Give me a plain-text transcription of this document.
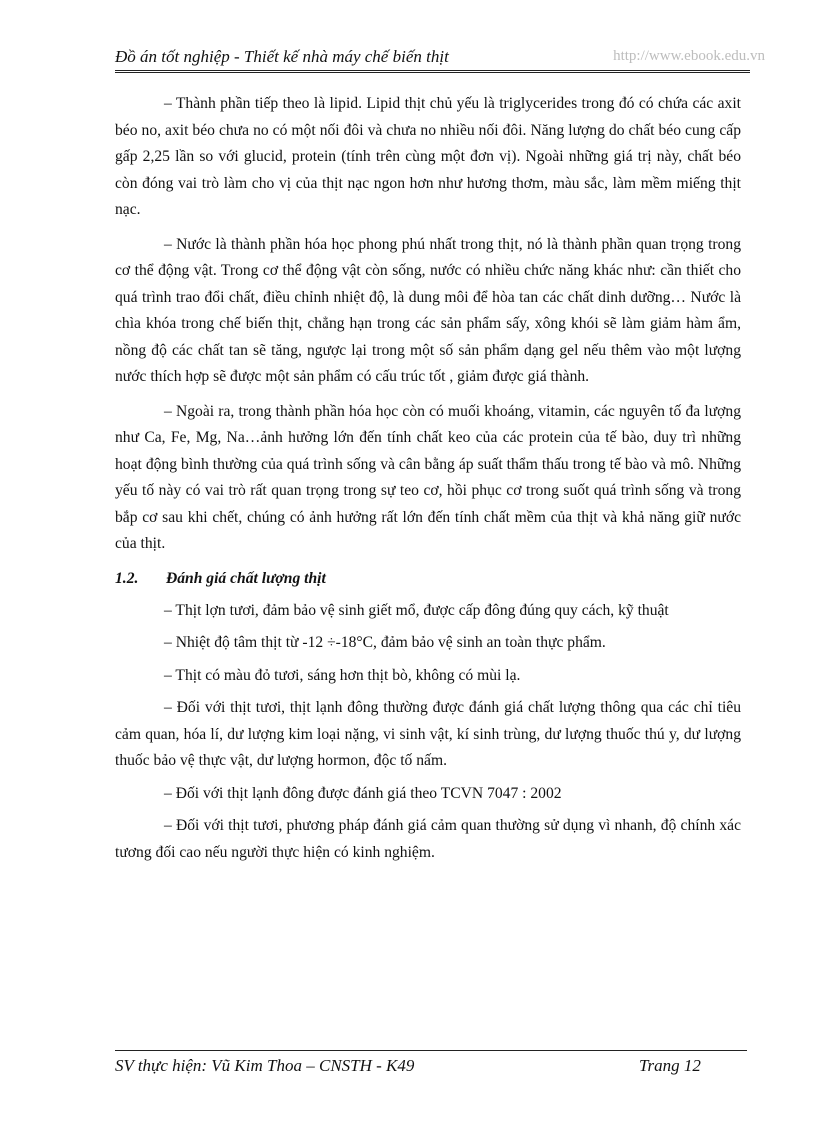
Đồ án tốt nghiệp - Thiết kế nhà máy chế biến thịt	http://www.ebook.edu.vn

– Thành phần tiếp theo là lipid. Lipid thịt chủ yếu là triglycerides trong đó có chứa các axit béo no, axit béo chưa no có một nối đôi và chưa no nhiều nối đôi. Năng lượng do chất béo cung cấp gấp 2,25 lần so với glucid, protein (tính trên cùng một đơn vị). Ngoài những giá trị này, chất béo còn đóng vai trò làm cho vị của thịt nạc ngon hơn như hương thơm, màu sắc, làm mềm miếng thịt nạc.

– Nước là thành phần hóa học phong phú nhất trong thịt, nó là thành phần quan trọng trong cơ thể động vật. Trong cơ thể động vật còn sống, nước có nhiều chức năng khác như: cần thiết cho quá trình trao đổi chất, điều chỉnh nhiệt độ, là dung môi để hòa tan các chất dinh dưỡng… Nước là chìa khóa trong chế biến thịt, chẳng hạn trong các sản phẩm sấy, xông khói sẽ làm giảm hàm ẩm, nồng độ các chất tan sẽ tăng, ngược lại trong một số sản phẩm dạng gel nếu thêm vào một lượng nước thích hợp sẽ được một sản phẩm có cấu trúc tốt , giảm được giá thành.

– Ngoài ra, trong thành phần hóa học còn có muối khoáng, vitamin, các nguyên tố đa lượng như Ca, Fe, Mg, Na…ảnh hưởng lớn đến tính chất keo của các protein của tế bào, duy trì những hoạt động bình thường của quá trình sống và cân bằng áp suất thẩm thấu trong tế bào và mô. Những yếu tố này có vai trò rất quan trọng trong sự teo cơ, hồi phục cơ trong suốt quá trình sống và trong bắp cơ sau khi chết, chúng có ảnh hưởng rất lớn đến tính chất mềm của thịt và khả năng giữ nước của thịt.

1.2. Đánh giá chất lượng thịt

– Thịt lợn tươi, đảm bảo vệ sinh giết mổ, được cấp đông đúng quy cách, kỹ thuật

– Nhiệt độ tâm thịt từ -12 ÷-18°C, đảm bảo vệ sinh an toàn thực phẩm.

– Thịt có màu đỏ tươi, sáng hơn thịt bò, không có mùi lạ.

– Đối với thịt tươi, thịt lạnh đông thường được đánh giá chất lượng thông qua các chỉ tiêu cảm quan, hóa lí, dư lượng kim loại nặng, vi sinh vật, kí sinh trùng, dư lượng thuốc thú y, dư lượng thuốc bảo vệ thực vật, dư lượng hormon, độc tố nấm.

– Đối với thịt lạnh đông được đánh giá theo TCVN 7047 : 2002

– Đối với thịt tươi, phương pháp đánh giá cảm quan thường sử dụng vì nhanh, độ chính xác tương đối cao nếu người thực hiện có kinh nghiệm.

SV thực hiện: Vũ Kim Thoa – CNSTH - K49	Trang 12
